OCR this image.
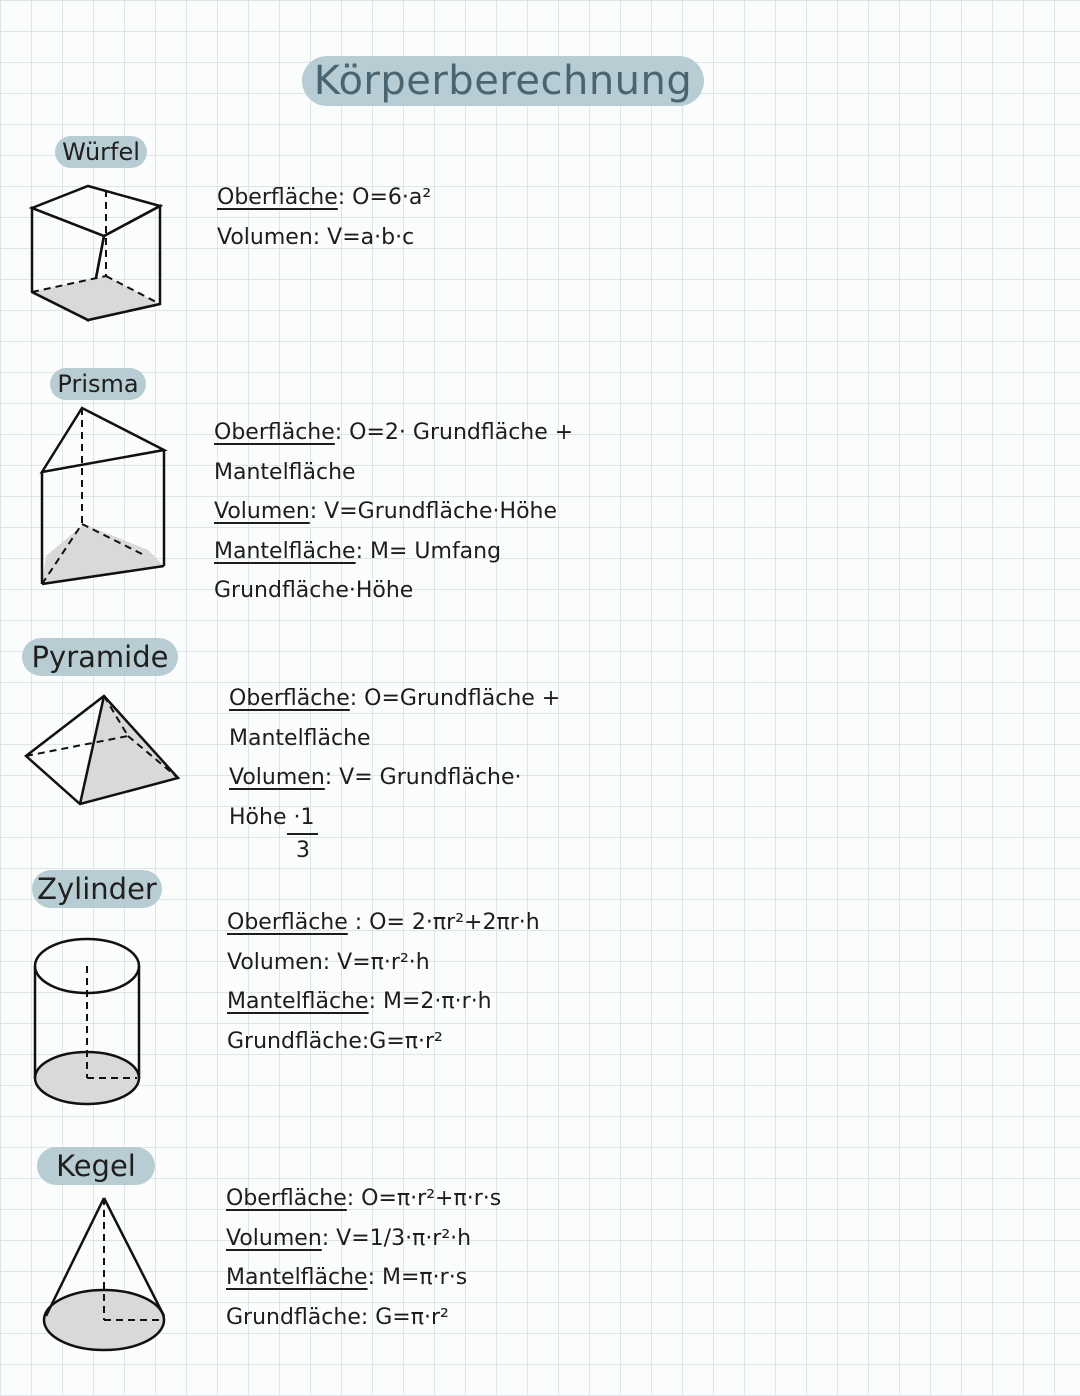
Körperberechnung
Würfel
Oberfläche: O=6·a²
Volumen: V=a·b·c
Prisma
Oberfläche: O=2· Grundfläche +
Mantelfläche
Volumen: V=Grundfläche·Höhe
Mantelfläche: M= Umfang
Grundfläche·Höhe
Pyramide
Oberfläche: O=Grundfläche +
Mantelfläche
Volumen: V= Grundfläche·
Höhe ·1
3
Zylinder
Oberfläche : O= 2·πr²+2πr·h
Volumen: V=π·r²·h
Mantelfläche: M=2·π·r·h
Grundfläche:G=π·r²
Kegel
Oberfläche: O=π·r²+π·r·s
Volumen: V=1/3·π·r²·h
Mantelfläche: M=π·r·s
Grundfläche: G=π·r²
